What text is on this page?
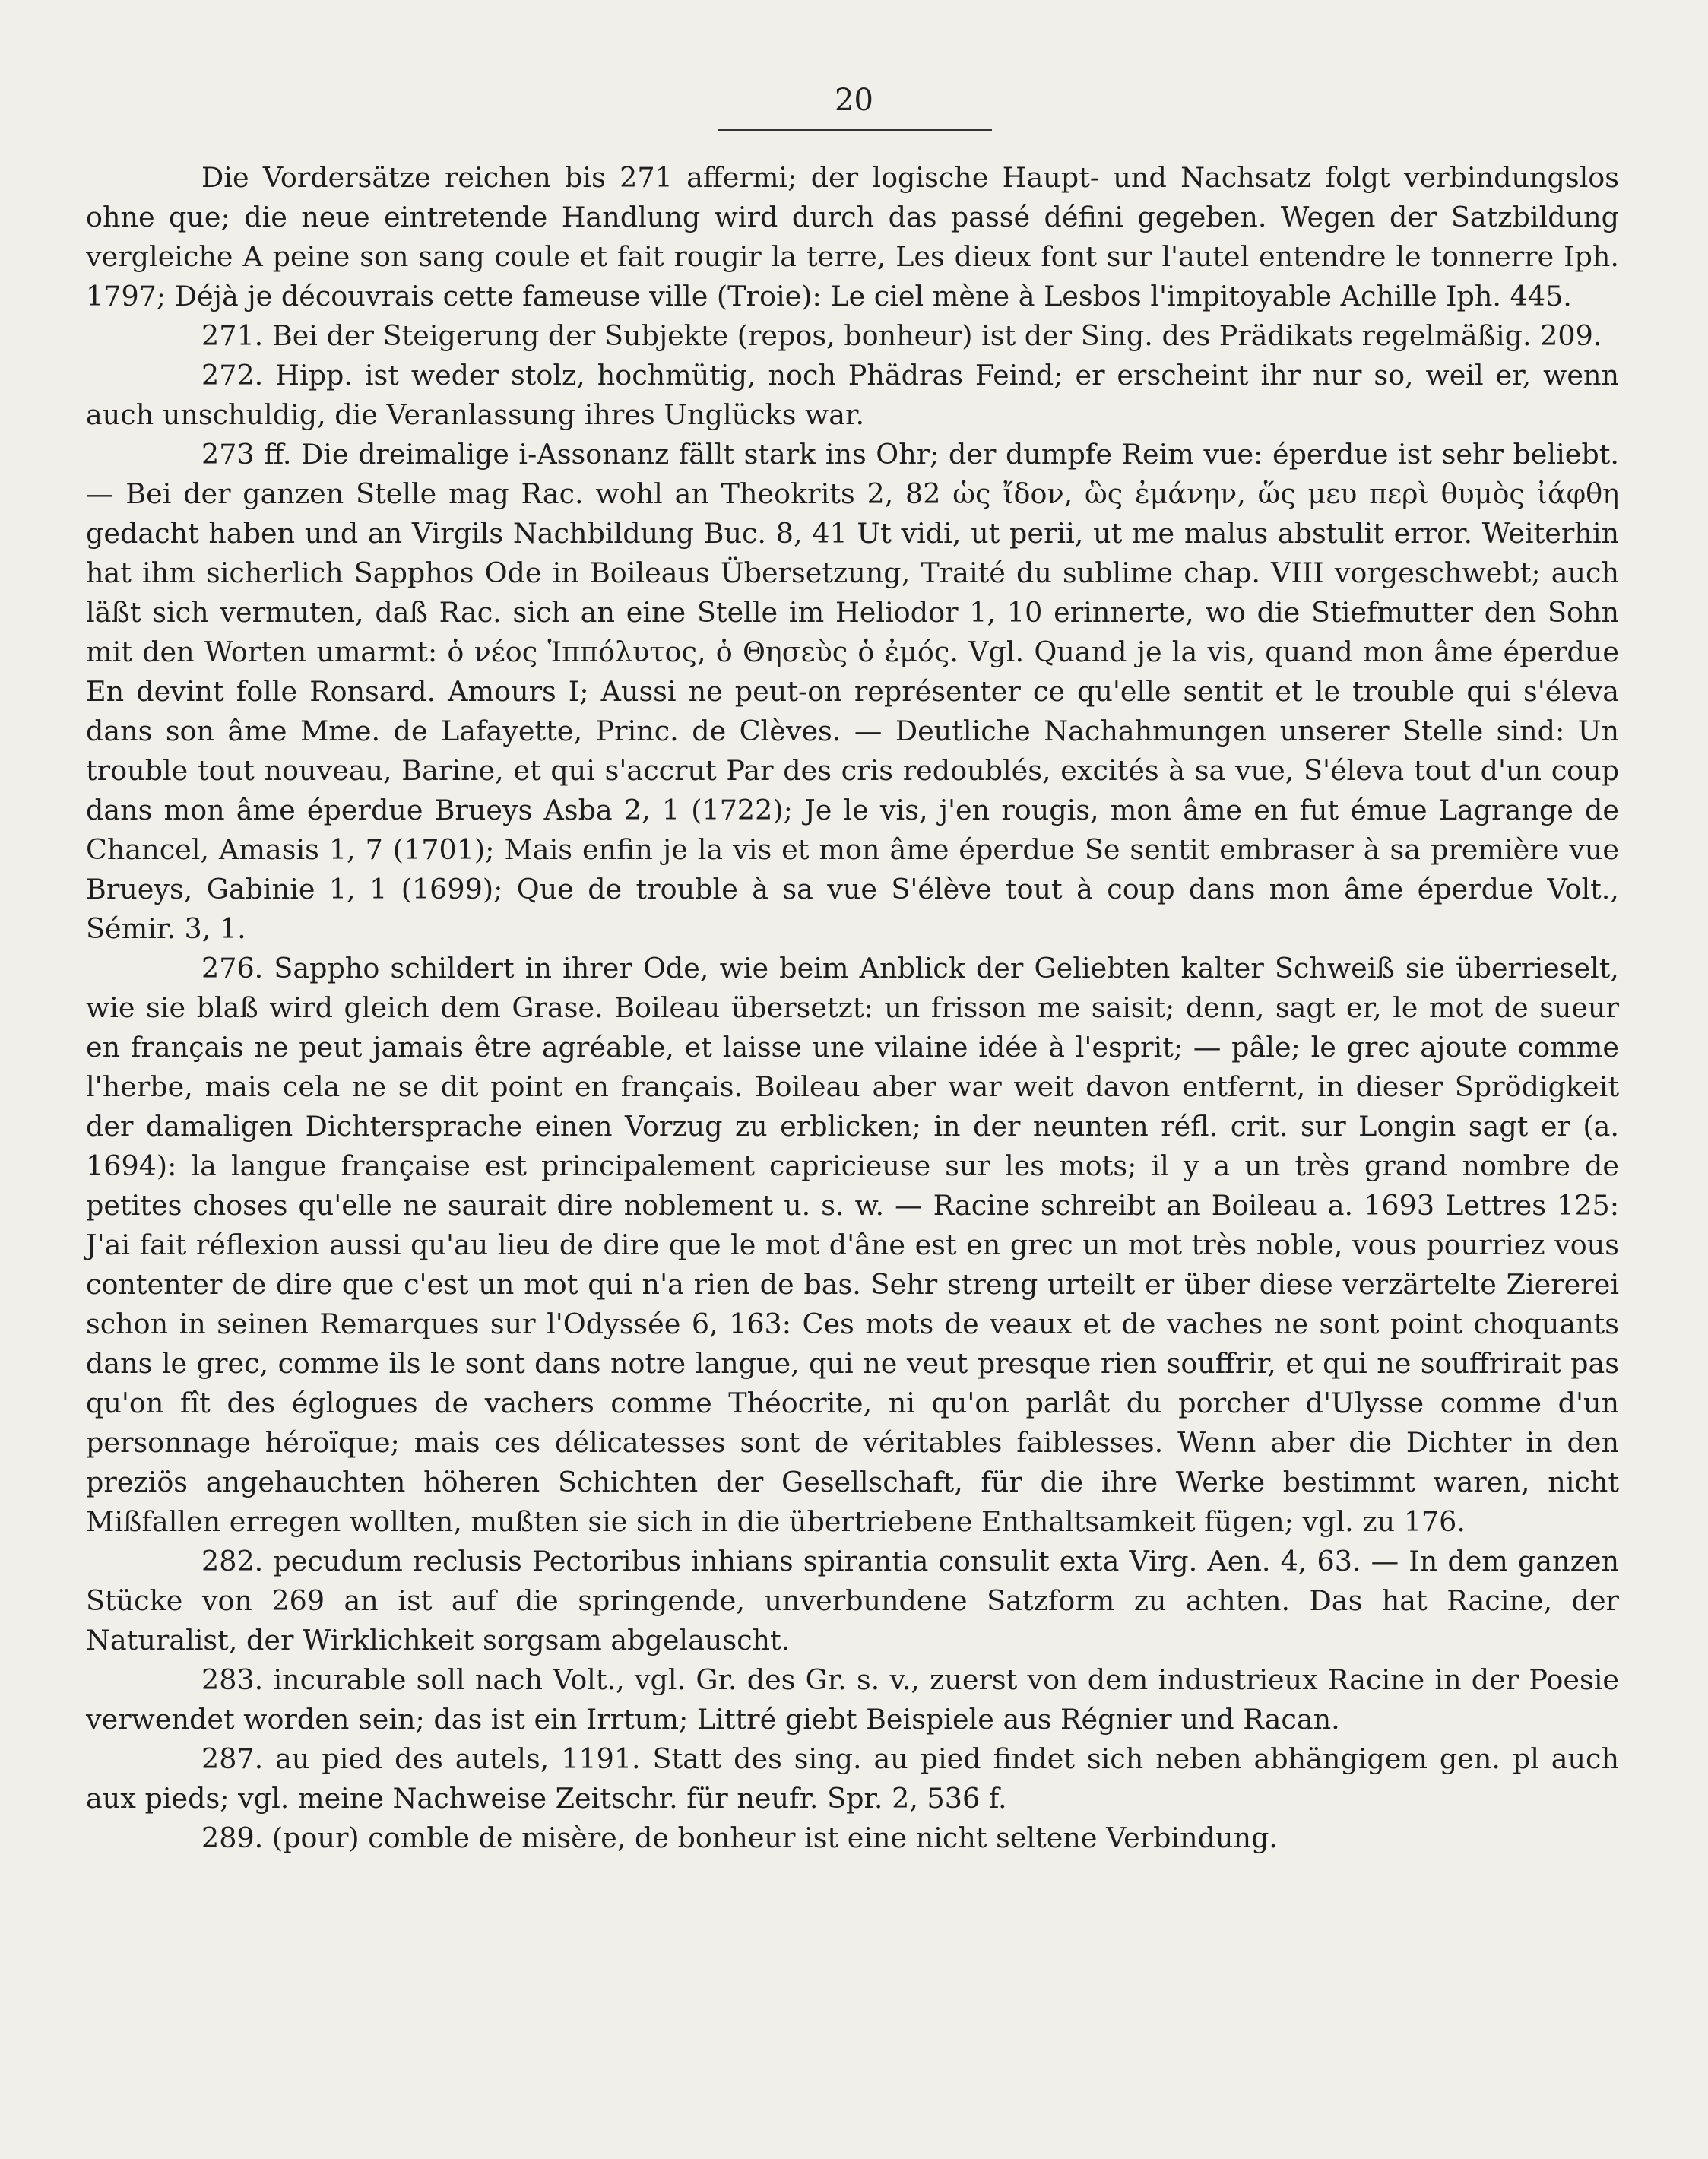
20

Die Vordersätze reichen bis 271 affermi; der logische Haupt- und Nachsatz folgt verbindungslos ohne que; die neue eintretende Handlung wird durch das passé défini gegeben. Wegen der Satzbildung vergleiche A peine son sang coule et fait rougir la terre, Les dieux font sur l'autel entendre le tonnerre Iph. 1797; Déjà je découvrais cette fameuse ville (Troie): Le ciel mène à Lesbos l'impitoyable Achille Iph. 445.

271. Bei der Steigerung der Subjekte (repos, bonheur) ist der Sing. des Prädikats regelmäßig. 209.

272. Hipp. ist weder stolz, hochmütig, noch Phädras Feind; er erscheint ihr nur so, weil er, wenn auch unschuldig, die Veranlassung ihres Unglücks war.

273 ff. Die dreimalige i-Assonanz fällt stark ins Ohr; der dumpfe Reim vue: éperdue ist sehr beliebt. — Bei der ganzen Stelle mag Rac. wohl an Theokrits 2, 82 ὡς ἴδον, ὣς ἐμάνην, ὥς μευ περὶ θυμὸς ἰάφθη gedacht haben und an Virgils Nachbildung Buc. 8, 41 Ut vidi, ut perii, ut me malus abstulit error. Weiterhin hat ihm sicherlich Sapphos Ode in Boileaus Übersetzung, Traité du sublime chap. VIII vorgeschwebt; auch läßt sich vermuten, daß Rac. sich an eine Stelle im Heliodor 1, 10 erinnerte, wo die Stiefmutter den Sohn mit den Worten umarmt: ὁ νέος Ἱππόλυτος, ὁ Θησεὺς ὁ ἐμός. Vgl. Quand je la vis, quand mon âme éperdue En devint folle Ronsard. Amours I; Aussi ne peut-on représenter ce qu'elle sentit et le trouble qui s'éleva dans son âme Mme. de Lafayette, Princ. de Clèves. — Deutliche Nachahmungen unserer Stelle sind: Un trouble tout nouveau, Barine, et qui s'accrut Par des cris redoublés, excités à sa vue, S'éleva tout d'un coup dans mon âme éperdue Brueys Asba 2, 1 (1722); Je le vis, j'en rougis, mon âme en fut émue Lagrange de Chancel, Amasis 1, 7 (1701); Mais enfin je la vis et mon âme éperdue Se sentit embraser à sa première vue Brueys, Gabinie 1, 1 (1699); Que de trouble à sa vue S'élève tout à coup dans mon âme éperdue Volt., Sémir. 3, 1.

276. Sappho schildert in ihrer Ode, wie beim Anblick der Geliebten kalter Schweiß sie überrieselt, wie sie blaß wird gleich dem Grase. Boileau übersetzt: un frisson me saisit; denn, sagt er, le mot de sueur en français ne peut jamais être agréable, et laisse une vilaine idée à l'esprit; — pâle; le grec ajoute comme l'herbe, mais cela ne se dit point en français. Boileau aber war weit davon entfernt, in dieser Sprödigkeit der damaligen Dichtersprache einen Vorzug zu erblicken; in der neunten réfl. crit. sur Longin sagt er (a. 1694): la langue française est principalement capricieuse sur les mots; il y a un très grand nombre de petites choses qu'elle ne saurait dire noblement u. s. w. — Racine schreibt an Boileau a. 1693 Lettres 125: J'ai fait réflexion aussi qu'au lieu de dire que le mot d'âne est en grec un mot très noble, vous pourriez vous contenter de dire que c'est un mot qui n'a rien de bas. Sehr streng urteilt er über diese verzärtelte Ziererei schon in seinen Remarques sur l'Odyssée 6, 163: Ces mots de veaux et de vaches ne sont point choquants dans le grec, comme ils le sont dans notre langue, qui ne veut presque rien souffrir, et qui ne souffrirait pas qu'on fît des églogues de vachers comme Théocrite, ni qu'on parlât du porcher d'Ulysse comme d'un personnage héroïque; mais ces délicatesses sont de véritables faiblesses. Wenn aber die Dichter in den preziös angehauchten höheren Schichten der Gesellschaft, für die ihre Werke bestimmt waren, nicht Mißfallen erregen wollten, mußten sie sich in die übertriebene Enthaltsamkeit fügen; vgl. zu 176.

282. pecudum reclusis Pectoribus inhians spirantia consulit exta Virg. Aen. 4, 63. — In dem ganzen Stücke von 269 an ist auf die springende, unverbundene Satzform zu achten. Das hat Racine, der Naturalist, der Wirklichkeit sorgsam abgelauscht.

283. incurable soll nach Volt., vgl. Gr. des Gr. s. v., zuerst von dem industrieux Racine in der Poesie verwendet worden sein; das ist ein Irrtum; Littré giebt Beispiele aus Régnier und Racan.

287. au pied des autels, 1191. Statt des sing. au pied findet sich neben abhängigem gen. pl auch aux pieds; vgl. meine Nachweise Zeitschr. für neufr. Spr. 2, 536 f.

289. (pour) comble de misère, de bonheur ist eine nicht seltene Verbindung.
